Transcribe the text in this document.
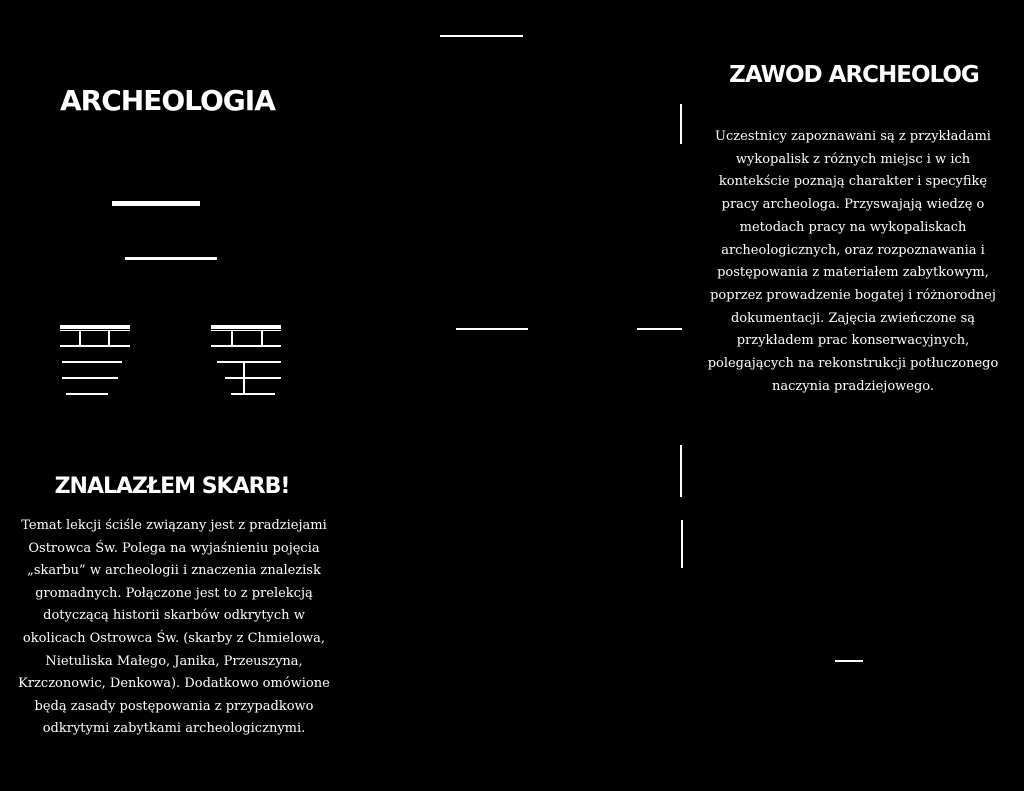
ARCHEOLOGIA
ZAWOD ARCHEOLOG
Uczestnicy zapoznawani są z przykładami wykopalisk z różnych miejsc i w ich kontekście poznają charakter i specyfikę pracy archeologa. Przyswajają wiedzę o metodach pracy na wykopaliskach archeologicznych, oraz rozpoznawania i postępowania z materiałem zabytkowym, poprzez prowadzenie bogatej i różnorodnej dokumentacji. Zajęcia zwieńczone są przykładem prac konserwacyjnych, polegających na rekonstrukcji potłuczonego naczynia pradziejowego.
ZNALAZŁEM SKARB!
Temat lekcji ściśle związany jest z pradziejami Ostrowca Św. Polega na wyjaśnieniu pojęcia „skarbu” w archeologii i znaczenia znalezisk gromadnych. Połączone jest to z prelekcją dotyczącą historii skarbów odkrytych w okolicach Ostrowca Św. (skarby z Chmielowa, Nietuliska Małego, Janika, Przeuszyna, Krzczonowic, Denkowa). Dodatkowo omówione będą zasady postępowania z przypadkowo odkrytymi zabytkami archeologicznymi.
